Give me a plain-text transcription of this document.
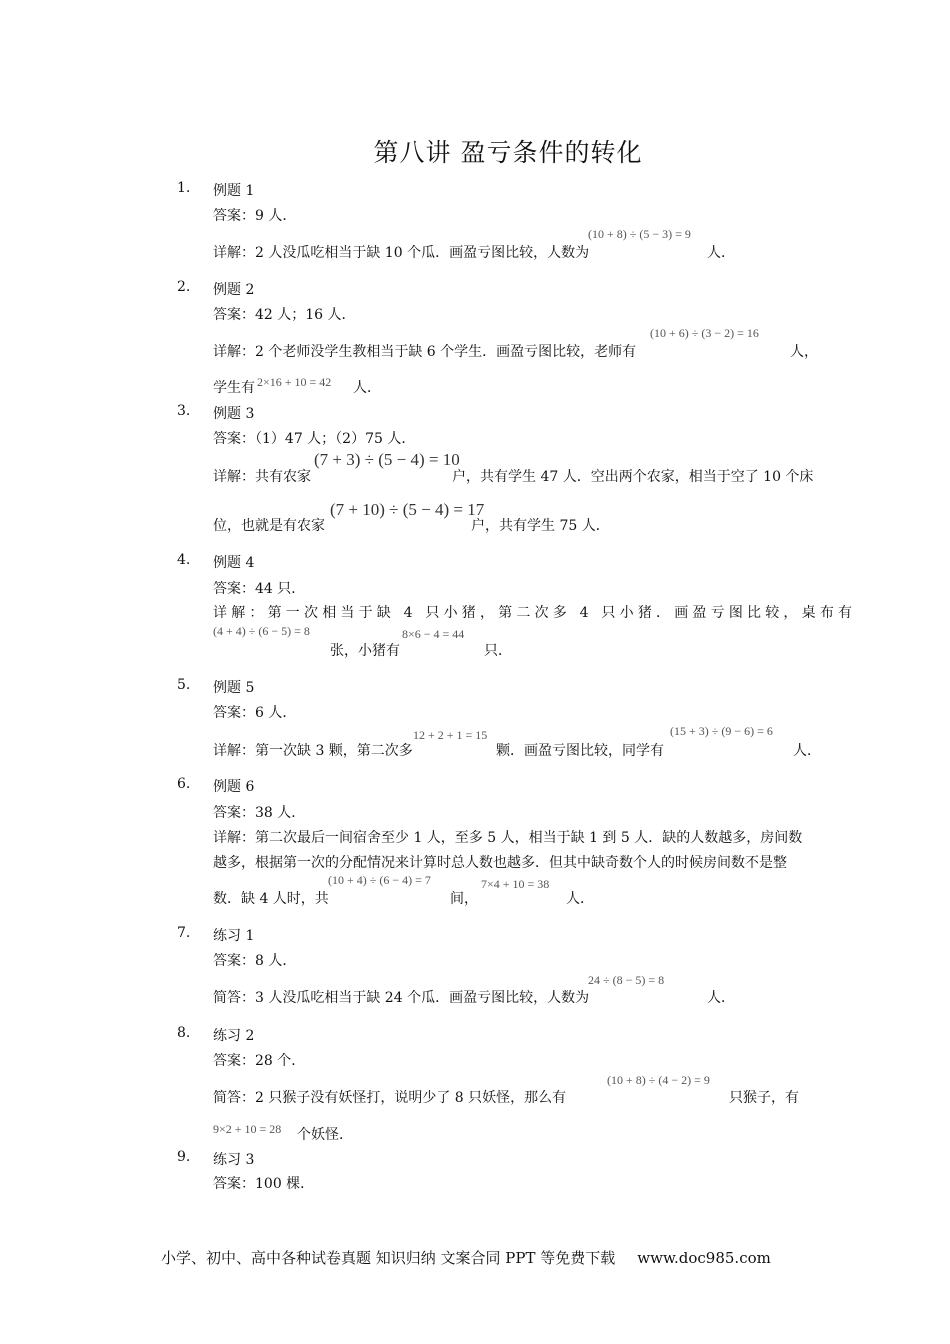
第八讲 盈亏条件的转化
1. 例题 1
答案：9 人．
详解：2 人没瓜吃相当于缺 10 个瓜．画盈亏图比较，人数为
(10 + 8) ÷ (5 − 3) = 9
人．
2. 例题 2
答案：42 人；16 人．
详解：2 个老师没学生教相当于缺 6 个学生．画盈亏图比较，老师有
(10 + 6) ÷ (3 − 2) = 16
人，
学生有 2×16 + 10 = 42 人．
3. 例题 3
答案：（1）47 人；（2）75 人．
详解：共有农家
(7 + 3) ÷ (5 − 4) = 10
户，共有学生 47 人．空出两个农家，相当于空了 10 个床
位，也就是有农家
(7 + 10) ÷ (5 − 4) = 17
户，共有学生 75 人．
4. 例题 4
答案：44 只．
详解：第一次相当于缺 4 只小猪，第二次多 4 只小猪．画盈亏图比较，桌布有
(4 + 4) ÷ (6 − 5) = 8
张，小猪有
8×6 − 4 = 44
只．
5. 例题 5
答案：6 人．
详解：第一次缺 3 颗，第二次多
12 + 2 + 1 = 15
颗．画盈亏图比较，同学有
(15 + 3) ÷ (9 − 6) = 6
人．
6. 例题 6
答案：38 人．
详解：第二次最后一间宿舍至少 1 人，至多 5 人，相当于缺 1 到 5 人．缺的人数越多，房间数
越多，根据第一次的分配情况来计算时总人数也越多．但其中缺奇数个人的时候房间数不是整
数．缺 4 人时，共
(10 + 4) ÷ (6 − 4) = 7
间，
7×4 + 10 = 38
人．
7. 练习 1
答案：8 人．
简答：3 人没瓜吃相当于缺 24 个瓜．画盈亏图比较，人数为
24 ÷ (8 − 5) = 8
人．
8. 练习 2
答案：28 个．
简答：2 只猴子没有妖怪打，说明少了 8 只妖怪，那么有
(10 + 8) ÷ (4 − 2) = 9
只猴子，有
9×2 + 10 = 28 个妖怪．
9. 练习 3
答案：100 棵．
小学、初中、高中各种试卷真题 知识归纳 文案合同 PPT 等免费下载 www.doc985.com
